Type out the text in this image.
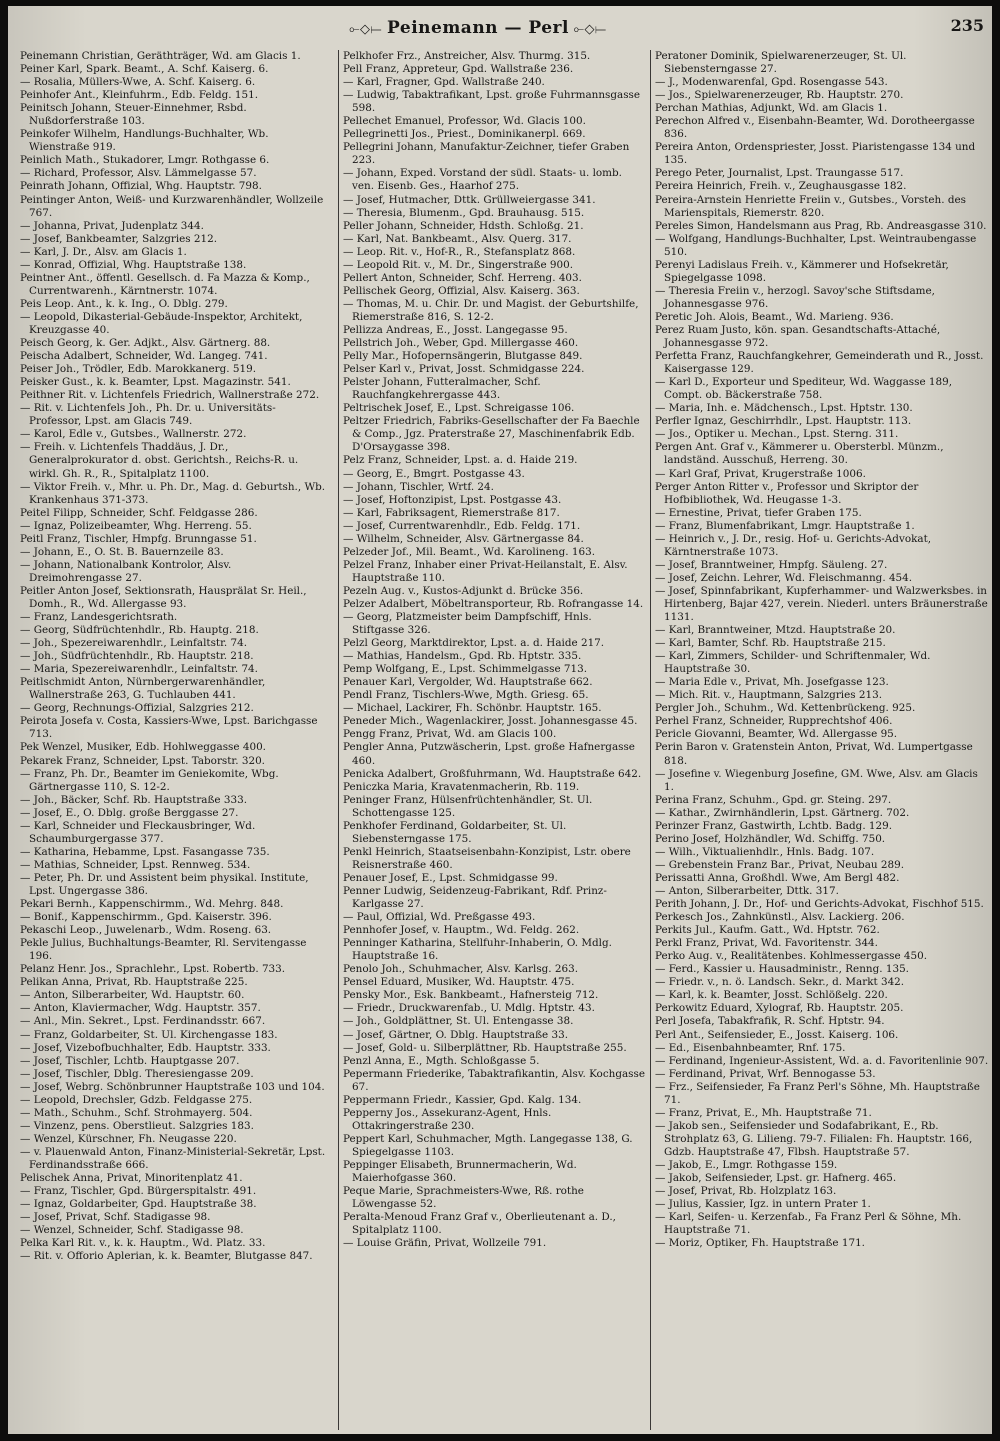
⟜◇⟝ Peinemann — Perl ⟜◇⟝	235

Peinemann Christian, Geräthträger, Wd. am Glacis 1.

Peiner Karl, Spark. Beamt., A. Schf. Kaiserg. 6.

— Rosalia, Müllers-Wwe, A. Schf. Kaiserg. 6.

Peinhofer Ant., Kleinfuhrm., Edb. Feldg. 151.

Peinitsch Johann, Steuer-Einnehmer, Rsbd. Nußdorferstraße 103.

Peinkofer Wilhelm, Handlungs-Buchhalter, Wb. Wienstraße 919.

Peinlich Math., Stukadorer, Lmgr. Rothgasse 6.

— Richard, Professor, Alsv. Lämmelgasse 57.

Peinrath Johann, Offizial, Whg. Hauptstr. 798.

Peintinger Anton, Weiß- und Kurzwarenhändler, Wollzeile 767.

— Johanna, Privat, Judenplatz 344.

— Josef, Bankbeamter, Salzgries 212.

— Karl, J. Dr., Alsv. am Glacis 1.

— Konrad, Offizial, Whg. Hauptstraße 138.

Peintner Ant., öffentl. Gesellsch. d. Fa Mazza & Komp., Currentwarenh., Kärntnerstr. 1074.

Peis Leop. Ant., k. k. Ing., O. Dblg. 279.

— Leopold, Dikasterial-Gebäude-Inspektor, Architekt, Kreuzgasse 40.

Peisch Georg, k. Ger. Adjkt., Alsv. Gärtnerg. 88.

Peischa Adalbert, Schneider, Wd. Langeg. 741.

Peiser Joh., Trödler, Edb. Marokkanerg. 519.

Peisker Gust., k. k. Beamter, Lpst. Magazinstr. 541.

Peithner Rit. v. Lichtenfels Friedrich, Wallnerstraße 272.

— Rit. v. Lichtenfels Joh., Ph. Dr. u. Universitäts-Professor, Lpst. am Glacis 749.

— Karol, Edle v., Gutsbes., Wallnerstr. 272.

— Freih. v. Lichtenfels Thaddäus, J. Dr., Generalprokurator d. obst. Gerichtsh., Reichs-R. u. wirkl. Gh. R., R., Spitalplatz 1100.

— Viktor Freih. v., Mhr. u. Ph. Dr., Mag. d. Geburtsh., Wb. Krankenhaus 371-373.

Peitel Filipp, Schneider, Schf. Feldgasse 286.

— Ignaz, Polizeibeamter, Whg. Herreng. 55.

Peitl Franz, Tischler, Hmpfg. Brunngasse 51.

— Johann, E., O. St. B. Bauernzeile 83.

— Johann, Nationalbank Kontrolor, Alsv. Dreimohrengasse 27.

Peitler Anton Josef, Sektionsrath, Hausprälat Sr. Heil., Domh., R., Wd. Allergasse 93.

— Franz, Landesgerichtsrath.

— Georg, Südfrüchtenhdlr., Rb. Hauptg. 218.

— Joh., Spezereiwarenhdlr., Leinfaltstr. 74.

— Joh., Südfrüchtenhdlr., Rb. Hauptstr. 218.

— Maria, Spezereiwarenhdlr., Leinfaltstr. 74.

Peitlschmidt Anton, Nürnbergerwarenhändler, Wallnerstraße 263, G. Tuchlauben 441.

— Georg, Rechnungs-Offizial, Salzgries 212.

Peirota Josefa v. Costa, Kassiers-Wwe, Lpst. Barichgasse 713.

Pek Wenzel, Musiker, Edb. Hohlweggasse 400.

Pekarek Franz, Schneider, Lpst. Taborstr. 320.

— Franz, Ph. Dr., Beamter im Geniekomite, Wbg. Gärtnergasse 110, S. 12-2.

— Joh., Bäcker, Schf. Rb. Hauptstraße 333.

— Josef, E., O. Dblg. große Berggasse 27.

— Karl, Schneider und Fleckausbringer, Wd. Schaumburgergasse 377.

— Katharina, Hebamme, Lpst. Fasangasse 735.

— Mathias, Schneider, Lpst. Rennweg. 534.

— Peter, Ph. Dr. und Assistent beim physikal. Institute, Lpst. Ungergasse 386.

Pekari Bernh., Kappenschirmm., Wd. Mehrg. 848.

— Bonif., Kappenschirmm., Gpd. Kaiserstr. 396.

Pekaschi Leop., Juwelenarb., Wdm. Roseng. 63.

Pekle Julius, Buchhaltungs-Beamter, Rl. Servitengasse 196.

Pelanz Henr. Jos., Sprachlehr., Lpst. Robertb. 733.

Pelikan Anna, Privat, Rb. Hauptstraße 225.

— Anton, Silberarbeiter, Wd. Hauptstr. 60.

— Anton, Klaviermacher, Wdg. Hauptstr. 357.

— Anl., Min. Sekret., Lpst. Ferdinandsstr. 667.

— Franz, Goldarbeiter, St. Ul. Kirchengasse 183.

— Josef, Vizebofbuchhalter, Edb. Hauptstr. 333.

— Josef, Tischler, Lchtb. Hauptgasse 207.

— Josef, Tischler, Dblg. Theresiengasse 209.

— Josef, Webrg. Schönbrunner Hauptstraße 103 und 104.

— Leopold, Drechsler, Gdzb. Feldgasse 275.

— Math., Schuhm., Schf. Strohmayerg. 504.

— Vinzenz, pens. Oberstlieut. Salzgries 183.

— Wenzel, Kürschner, Fh. Neugasse 220.

— v. Plauenwald Anton, Finanz-Ministerial-Sekretär, Lpst. Ferdinandsstraße 666.

Pelischek Anna, Privat, Minoritenplatz 41.

— Franz, Tischler, Gpd. Bürgerspitalstr. 491.

— Ignaz, Goldarbeiter, Gpd. Hauptstraße 38.

— Josef, Privat, Schf. Stadigasse 98.

— Wenzel, Schneider, Schf. Stadigasse 98.

Pelka Karl Rit. v., k. k. Hauptm., Wd. Platz. 33.

— Rit. v. Offorio Aplerian, k. k. Beamter, Blutgasse 847.

Pelkhofer Frz., Anstreicher, Alsv. Thurmg. 315.

Pell Franz, Appreteur, Gpd. Wallstraße 236.

— Karl, Fragner, Gpd. Wallstraße 240.

— Ludwig, Tabaktrafikant, Lpst. große Fuhrmannsgasse 598.

Pellechet Emanuel, Professor, Wd. Glacis 100.

Pellegrinetti Jos., Priest., Dominikanerpl. 669.

Pellegrini Johann, Manufaktur-Zeichner, tiefer Graben 223.

— Johann, Exped. Vorstand der südl. Staats- u. lomb. ven. Eisenb. Ges., Haarhof 275.

— Josef, Hutmacher, Dttk. Grüllweiergasse 341.

— Theresia, Blumenm., Gpd. Brauhausg. 515.

Peller Johann, Schneider, Hdsth. Schloßg. 21.

— Karl, Nat. Bankbeamt., Alsv. Querg. 317.

— Leop. Rit. v., Hof-R., R., Stefansplatz 868.

— Leopold Rit. v., M. Dr., Singerstraße 900.

Pellert Anton, Schneider, Schf. Herreng. 403.

Pellischek Georg, Offizial, Alsv. Kaiserg. 363.

— Thomas, M. u. Chir. Dr. und Magist. der Geburtshilfe, Riemerstraße 816, S. 12-2.

Pellizza Andreas, E., Josst. Langegasse 95.

Pellstrich Joh., Weber, Gpd. Millergasse 460.

Pelly Mar., Hofopernsängerin, Blutgasse 849.

Pelser Karl v., Privat, Josst. Schmidgasse 224.

Pelster Johann, Futteralmacher, Schf. Rauchfangkehrergasse 443.

Peltrischek Josef, E., Lpst. Schreigasse 106.

Peltzer Friedrich, Fabriks-Gesellschafter der Fa Baechle & Comp., Jgz. Praterstraße 27, Maschinenfabrik Edb. D'Orsaygasse 398.

Pelz Franz, Schneider, Lpst. a. d. Haide 219.

— Georg, E., Bmgrt. Postgasse 43.

— Johann, Tischler, Wrtf. 24.

— Josef, Hoftonzipist, Lpst. Postgasse 43.

— Karl, Fabriksagent, Riemerstraße 817.

— Josef, Currentwarenhdlr., Edb. Feldg. 171.

— Wilhelm, Schneider, Alsv. Gärtnergasse 84.

Pelzeder Jof., Mil. Beamt., Wd. Karolineng. 163.

Pelzel Franz, Inhaber einer Privat-Heilanstalt, E. Alsv. Hauptstraße 110.

Pezeln Aug. v., Kustos-Adjunkt d. Brücke 356.

Pelzer Adalbert, Möbeltransporteur, Rb. Rofrangasse 14.

— Georg, Platzmeister beim Dampfschiff, Hnls. Stiftgasse 326.

Pelzl Georg, Marktdirektor, Lpst. a. d. Haide 217.

— Mathias, Handelsm., Gpd. Rb. Hptstr. 335.

Pemp Wolfgang, E., Lpst. Schimmelgasse 713.

Penauer Karl, Vergolder, Wd. Hauptstraße 662.

Pendl Franz, Tischlers-Wwe, Mgth. Griesg. 65.

— Michael, Lackirer, Fh. Schönbr. Hauptstr. 165.

Peneder Mich., Wagenlackirer, Josst. Johannesgasse 45.

Pengg Franz, Privat, Wd. am Glacis 100.

Pengler Anna, Putzwäscherin, Lpst. große Hafnergasse 460.

Penicka Adalbert, Großfuhrmann, Wd. Hauptstraße 642.

Peniczka Maria, Kravatenmacherin, Rb. 119.

Peninger Franz, Hülsenfrüchtenhändler, St. Ul. Schottengasse 125.

Penkhofer Ferdinand, Goldarbeiter, St. Ul. Siebensterngasse 175.

Penkl Heinrich, Staatseisenbahn-Konzipist, Lstr. obere Reisnerstraße 460.

Penauer Josef, E., Lpst. Schmidgasse 99.

Penner Ludwig, Seidenzeug-Fabrikant, Rdf. Prinz-Karlgasse 27.

— Paul, Offizial, Wd. Preßgasse 493.

Pennhofer Josef, v. Hauptm., Wd. Feldg. 262.

Penninger Katharina, Stellfuhr-Inhaberin, O. Mdlg. Hauptstraße 16.

Penolo Joh., Schuhmacher, Alsv. Karlsg. 263.

Pensel Eduard, Musiker, Wd. Hauptstr. 475.

Pensky Mor., Esk. Bankbeamt., Hafnersteig 712.

— Friedr., Druckwarenfab., U. Mdlg. Hptstr. 43.

— Joh., Goldplättner, St. Ul. Entengasse 38.

— Josef, Gärtner, O. Dblg. Hauptstraße 33.

— Josef, Gold- u. Silberplättner, Rb. Hauptstraße 255.

Penzl Anna, E., Mgth. Schloßgasse 5.

Pepermann Friederike, Tabaktrafikantin, Alsv. Kochgasse 67.

Peppermann Friedr., Kassier, Gpd. Kalg. 134.

Pepperny Jos., Assekuranz-Agent, Hnls. Ottakringerstraße 230.

Peppert Karl, Schuhmacher, Mgth. Langegasse 138, G. Spiegelgasse 1103.

Peppinger Elisabeth, Brunnermacherin, Wd. Maierhofgasse 360.

Peque Marie, Sprachmeisters-Wwe, Rß. rothe Löwengasse 52.

Peralta-Menoud Franz Graf v., Oberlieutenant a. D., Spitalplatz 1100.

— Louise Gräfin, Privat, Wollzeile 791.

Peratoner Dominik, Spielwarenerzeuger, St. Ul. Siebensterngasse 27.

— J., Modenwarenfal, Gpd. Rosengasse 543.

— Jos., Spielwarenerzeuger, Rb. Hauptstr. 270.

Perchan Mathias, Adjunkt, Wd. am Glacis 1.

Perechon Alfred v., Eisenbahn-Beamter, Wd. Dorotheergasse 836.

Pereira Anton, Ordenspriester, Josst. Piaristengasse 134 und 135.

Perego Peter, Journalist, Lpst. Traungasse 517.

Pereira Heinrich, Freih. v., Zeughausgasse 182.

Pereira-Arnstein Henriette Freiin v., Gutsbes., Vorsteh. des Marienspitals, Riemerstr. 820.

Pereles Simon, Handelsmann aus Prag, Rb. Andreasgasse 310.

— Wolfgang, Handlungs-Buchhalter, Lpst. Weintraubengasse 510.

Perenyi Ladislaus Freih. v., Kämmerer und Hofsekretär, Spiegelgasse 1098.

— Theresia Freiin v., herzogl. Savoy'sche Stiftsdame, Johannesgasse 976.

Peretic Joh. Alois, Beamt., Wd. Marieng. 936.

Perez Ruam Justo, kön. span. Gesandtschafts-Attaché, Johannesgasse 972.

Perfetta Franz, Rauchfangkehrer, Gemeinderath und R., Josst. Kaisergasse 129.

— Karl D., Exporteur und Spediteur, Wd. Waggasse 189, Compt. ob. Bäckerstraße 758.

— Maria, Inh. e. Mädchensch., Lpst. Hptstr. 130.

Perfler Ignaz, Geschirrhdlr., Lpst. Hauptstr. 113.

— Jos., Optiker u. Mechan., Lpst. Sterng. 311.

Pergen Ant. Graf v., Kämmerer u. Obersterbl. Münzm., landständ. Ausschuß, Herreng. 30.

— Karl Graf, Privat, Krugerstraße 1006.

Perger Anton Ritter v., Professor und Skriptor der Hofbibliothek, Wd. Heugasse 1-3.

— Ernestine, Privat, tiefer Graben 175.

— Franz, Blumenfabrikant, Lmgr. Hauptstraße 1.

— Heinrich v., J. Dr., resig. Hof- u. Gerichts-Advokat, Kärntnerstraße 1073.

— Josef, Branntweiner, Hmpfg. Säuleng. 27.

— Josef, Zeichn. Lehrer, Wd. Fleischmanng. 454.

— Josef, Spinnfabrikant, Kupferhammer- und Walzwerksbes. in Hirtenberg, Bajar 427, verein. Niederl. unters Bräunerstraße 1131.

— Karl, Branntweiner, Mtzd. Hauptstraße 20.

— Karl, Bamter, Schf. Rb. Hauptstraße 215.

— Karl, Zimmers, Schilder- und Schriftenmaler, Wd. Hauptstraße 30.

— Maria Edle v., Privat, Mh. Josefgasse 123.

— Mich. Rit. v., Hauptmann, Salzgries 213.

Pergler Joh., Schuhm., Wd. Kettenbrückeng. 925.

Perhel Franz, Schneider, Rupprechtshof 406.

Pericle Giovanni, Beamter, Wd. Allergasse 95.

Perin Baron v. Gratenstein Anton, Privat, Wd. Lumpertgasse 818.

— Josefine v. Wiegenburg Josefine, GM. Wwe, Alsv. am Glacis 1.

Perina Franz, Schuhm., Gpd. gr. Steing. 297.

— Kathar., Zwirnhändlerin, Lpst. Gärtnerg. 702.

Perinzer Franz, Gastwirth, Lchtb. Badg. 129.

Perino Josef, Holzhändler, Wd. Schiffg. 750.

— Wilh., Viktualienhdlr., Hnls. Badg. 107.

— Grebenstein Franz Bar., Privat, Neubau 289.

Perissatti Anna, Großhdl. Wwe, Am Bergl 482.

— Anton, Silberarbeiter, Dttk. 317.

Perith Johann, J. Dr., Hof- und Gerichts-Advokat, Fischhof 515.

Perkesch Jos., Zahnkünstl., Alsv. Lackierg. 206.

Perkits Jul., Kaufm. Gatt., Wd. Hptstr. 762.

Perkl Franz, Privat, Wd. Favoritenstr. 344.

Perko Aug. v., Realitätenbes. Kohlmessergasse 450.

— Ferd., Kassier u. Hausadministr., Renng. 135.

— Friedr. v., n. ö. Landsch. Sekr., d. Markt 342.

— Karl, k. k. Beamter, Josst. Schlößelg. 220.

Perkowitz Eduard, Xylograf, Rb. Hauptstr. 205.

Perl Josefa, Tabakfrafik, R. Schf. Hptstr. 94.

Perl Ant., Seifensieder, E., Josst. Kaiserg. 106.

— Ed., Eisenbahnbeamter, Rnf. 175.

— Ferdinand, Ingenieur-Assistent, Wd. a. d. Favoritenlinie 907.

— Ferdinand, Privat, Wrf. Bennogasse 53.

— Frz., Seifensieder, Fa Franz Perl's Söhne, Mh. Hauptstraße 71.

— Franz, Privat, E., Mh. Hauptstraße 71.

— Jakob sen., Seifensieder und Sodafabrikant, E., Rb. Strohplatz 63, G. Lilieng. 79-7. Filialen: Fh. Hauptstr. 166, Gdzb. Hauptstraße 47, Flbsh. Hauptstraße 57.

— Jakob, E., Lmgr. Rothgasse 159.

— Jakob, Seifensieder, Lpst. gr. Hafnerg. 465.

— Josef, Privat, Rb. Holzplatz 163.

— Julius, Kassier, Igz. in untern Prater 1.

— Karl, Seifen- u. Kerzenfab., Fa Franz Perl & Söhne, Mh. Hauptstraße 71.

— Moriz, Optiker, Fh. Hauptstraße 171.
